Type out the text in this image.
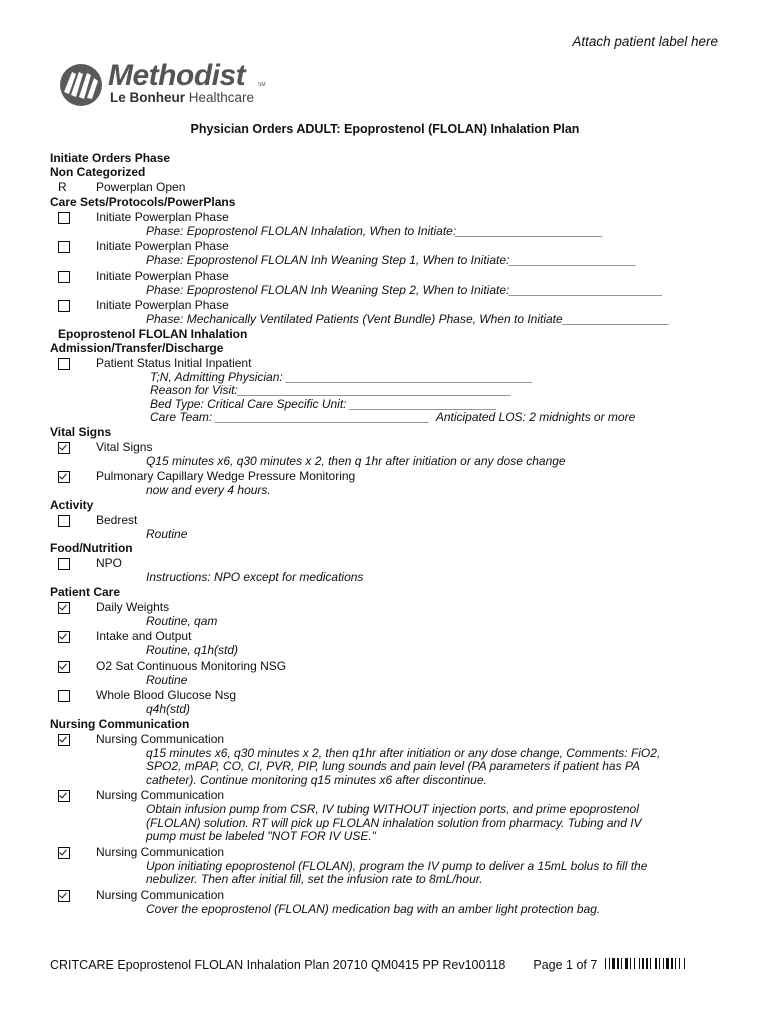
Attach patient label here
Methodist	SM
Le Bonheur Healthcare
Physician Orders ADULT: Epoprostenol (FLOLAN) Inhalation Plan
Initiate Orders Phase
Non Categorized
R	Powerplan Open
Care Sets/Protocols/PowerPlans
Initiate Powerplan Phase
Phase: Epoprostenol FLOLAN Inhalation, When to Initiate:______________________
Initiate Powerplan Phase
Phase: Epoprostenol FLOLAN Inh Weaning Step 1, When to Initiate:___________________
Initiate Powerplan Phase
Phase: Epoprostenol FLOLAN Inh Weaning Step 2, When to Initiate:_______________________
Initiate Powerplan Phase
Phase: Mechanically Ventilated Patients (Vent Bundle) Phase, When to Initiate________________
Epoprostenol FLOLAN Inhalation
Admission/Transfer/Discharge
Patient Status Initial Inpatient
T;N, Admitting Physician: _____________________________________
Reason for Visit:_________________________________________
Bed Type: Critical Care Specific Unit: ______________________
Care Team: ________________________________ Anticipated LOS: 2 midnights or more
Vital Signs
Vital Signs
Q15 minutes x6, q30 minutes x 2, then q 1hr after initiation or any dose change
Pulmonary Capillary Wedge Pressure Monitoring
now and every 4 hours.
Activity
Bedrest
Routine
Food/Nutrition
NPO
Instructions: NPO except for medications
Patient Care
Daily Weights
Routine, qam
Intake and Output
Routine, q1h(std)
O2 Sat Continuous Monitoring NSG
Routine
Whole Blood Glucose Nsg
q4h(std)
Nursing Communication
Nursing Communication
q15 minutes x6, q30 minutes x 2, then q1hr after initiation or any dose change, Comments: FiO2,
SPO2, mPAP, CO, CI, PVR, PIP, lung sounds and pain level (PA parameters if patient has PA
catheter). Continue monitoring q15 minutes x6 after discontinue.
Nursing Communication
Obtain infusion pump from CSR, IV tubing WITHOUT injection ports, and prime epoprostenol
(FLOLAN) solution. RT will pick up FLOLAN inhalation solution from pharmacy. Tubing and IV
pump must be labeled "NOT FOR IV USE."
Nursing Communication
Upon initiating epoprostenol (FLOLAN), program the IV pump to deliver a 15mL bolus to fill the
nebulizer. Then after initial fill, set the infusion rate to 8mL/hour.
Nursing Communication
Cover the epoprostenol (FLOLAN) medication bag with an amber light protection bag.
CRITCARE Epoprostenol FLOLAN Inhalation Plan 20710 QM0415 PP Rev100118 Page 1 of 7
